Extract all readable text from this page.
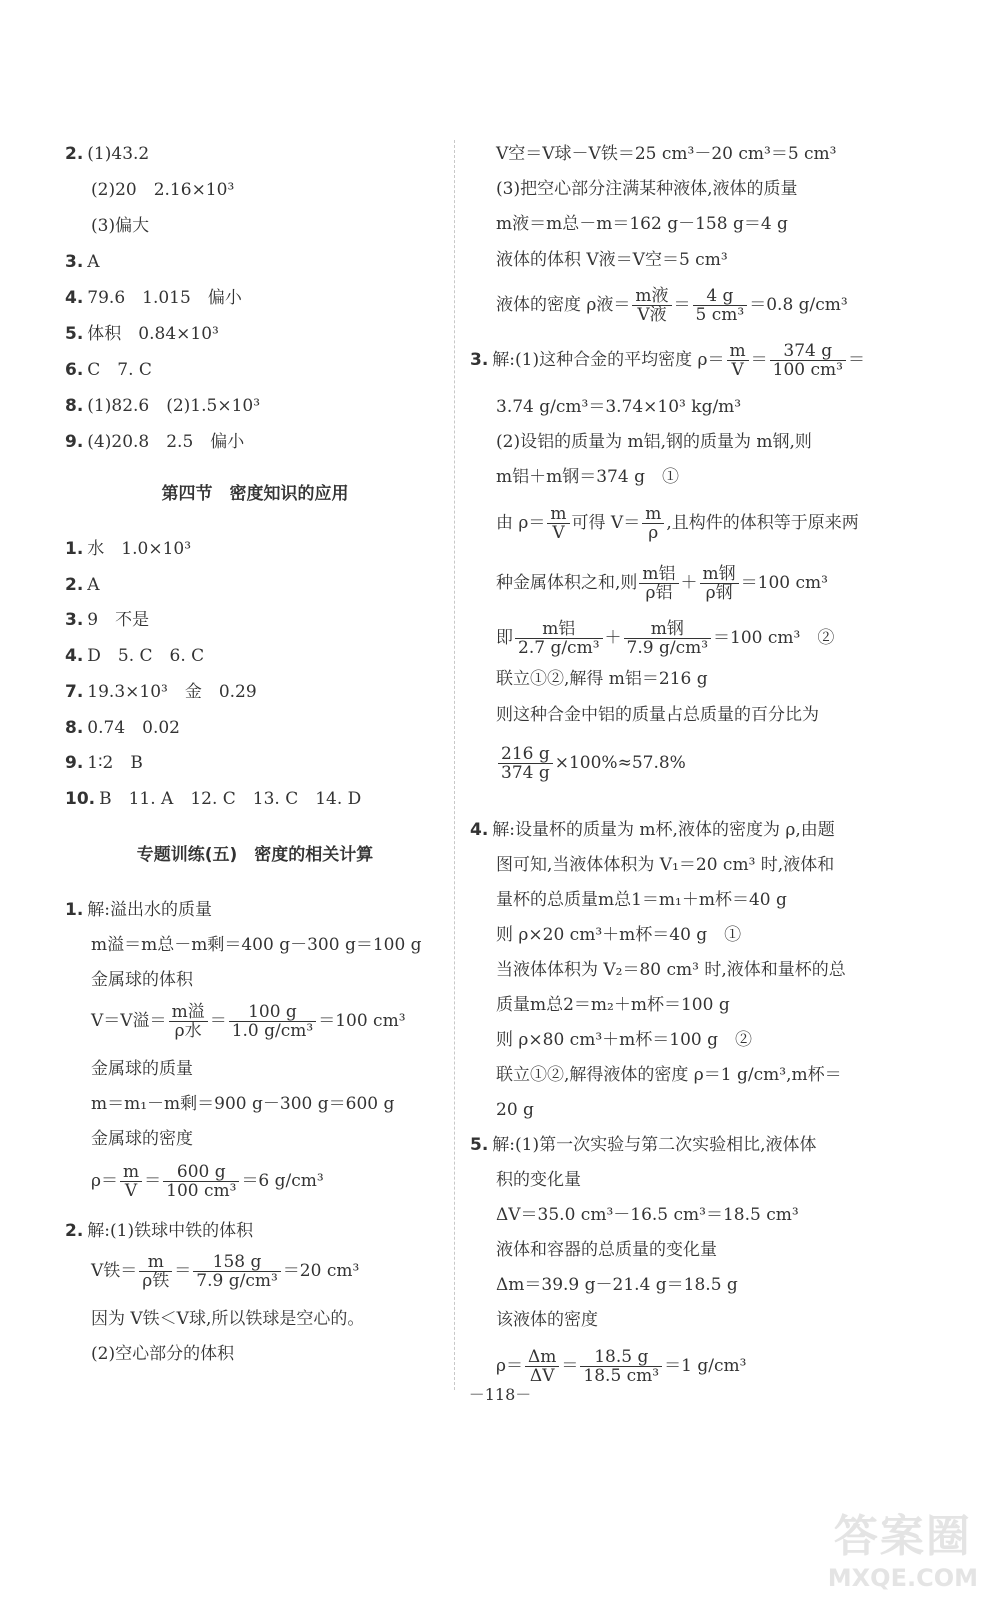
2. (1)43.2
(2)20　2.16×10³
(3)偏大
3. A
4. 79.6　1.015　偏小
5. 体积　0.84×10³
6. C　7. C
8. (1)82.6　(2)1.5×10³
9. (4)20.8　2.5　偏小
第四节　密度知识的应用
1. 水　1.0×10³
2. A
3. 9　不是
4. D　5. C　6. C
7. 19.3×10³　金　0.29
8. 0.74　0.02
9. 1∶2　B
10. B　11. A　12. C　13. C　14. D
专题训练(五)　密度的相关计算
1. 解:溢出水的质量
m溢＝m总－m剩＝400 g－300 g＝100 g
金属球的体积
V＝V溢＝ $\frac{\text{m溢}}{\text{ρ水}} = \frac{100 g}{\text{1.0 g/cm³}} =100$ cm³
金属球的质量
m＝m₁－m剩＝900 g－300 g＝600 g
金属球的密度
$\rho= \frac{m}{V} = \frac{600 g}{\text{100 cm³}} =6$ g/cm³
2. 解:(1)铁球中铁的体积
V铁＝ $\frac{m}{\text{ρ铁}} = \frac{158 g}{\text{7.9 g/cm³}} =20$ cm³
因为 V铁＜V球,所以铁球是空心的。
(2)空心部分的体积
V空＝V球－V铁＝25 cm³－20 cm³＝5 cm³
(3)把空心部分注满某种液体,液体的质量
m液＝m总－m＝162 g－158 g＝4 g
液体的体积 V液＝V空＝5 cm³
液体的密度 ρ液＝ $\frac{\text{m液}}{\text{V液}} = \frac{4 g}{\text{5 cm³}} =0.8$ g/cm³
3. 解:(1)这种合金的平均密度 $\rho= \frac{m}{V} = \frac{374 g}{\text{100 cm³}}$ ＝
3.74 g/cm³＝3.74×10³ kg/m³
(2)设铝的质量为 m铝,钢的质量为 m钢,则
m铝＋m钢＝374 g　①
由 $\rho= \frac{m}{V}$ 可得 $V= \frac{m}{\rho}$ ,且构件的体积等于原来两
种金属体积之和,则 $\frac{\text{m铝}}{\text{ρ铝}} + \frac{\text{m钢}}{\text{ρ钢}} =100$ cm³
即 $\frac{\text{m铝}}{\text{2.7 g/cm³}} + \frac{\text{m钢}}{\text{7.9 g/cm³}} =100$ cm³　②
联立①②,解得 m铝＝216 g
则这种合金中铝的质量占总质量的百分比为
$\frac{216 g}{374 g} \times 100\%\approx 57.8\%$
4. 解:设量杯的质量为 m杯,液体的密度为 ρ,由题
图可知,当液体体积为 V₁＝20 cm³ 时,液体和
量杯的总质量m总1＝m₁＋m杯＝40 g
则 ρ×20 cm³＋m杯＝40 g　①
当液体体积为 V₂＝80 cm³ 时,液体和量杯的总
质量m总2＝m₂＋m杯＝100 g
则 ρ×80 cm³＋m杯＝100 g　②
联立①②,解得液体的密度 ρ＝1 g/cm³,m杯＝
20 g
5. 解:(1)第一次实验与第二次实验相比,液体体
积的变化量
ΔV＝35.0 cm³－16.5 cm³＝18.5 cm³
液体和容器的总质量的变化量
Δm＝39.9 g－21.4 g＝18.5 g
该液体的密度
$\rho= \frac{\Delta m}{\Delta V} = \frac{18.5 g}{\text{18.5 cm³}} =1$ g/cm³
－118－
答案圈
MXQE.COM
